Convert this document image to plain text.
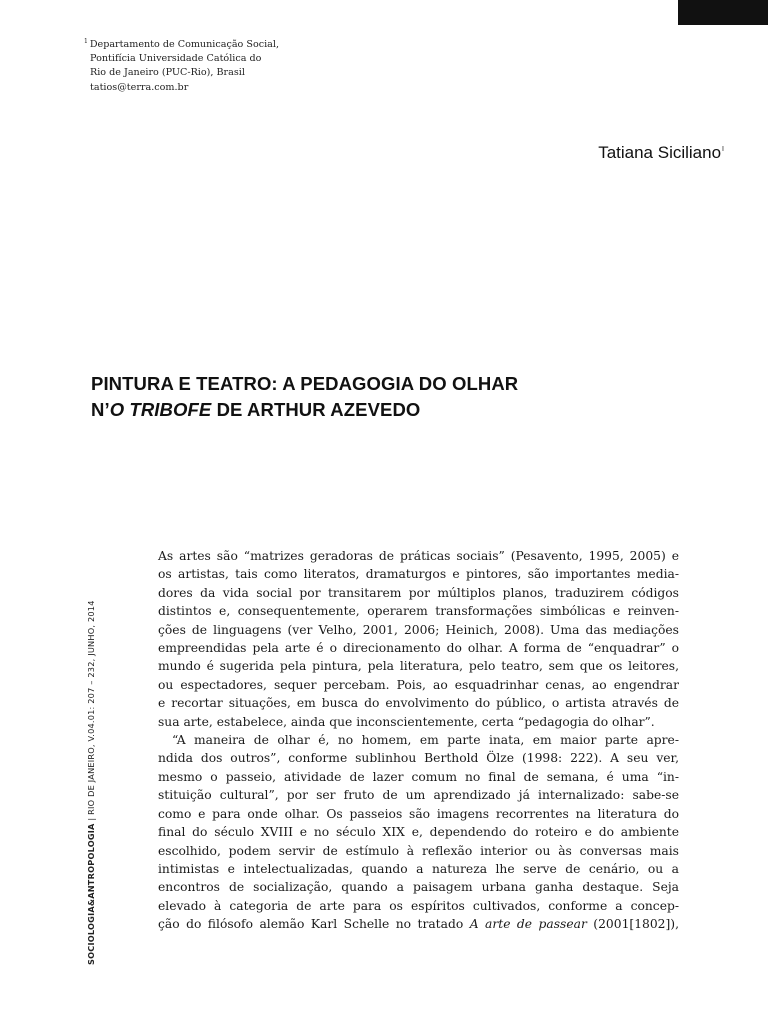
$^1$ Departamento de Comunicação Social,
Pontifícia Universidade Católica do
Rio de Janeiro (PUC-Rio), Brasil
tatios@terra.com.br
Tatiana Siciliano$^I$
PINTURA E TEATRO: A PEDAGOGIA DO OLHAR
N’O TRIBOFE DE ARTHUR AZEVEDO
SOCIOLOGIA&ANTROPOLOGIA | RIO DE JANEIRO, V.04.01: 207 – 232, JUNHO, 2014
As artes são “matrizes geradoras de práticas sociais” (Pesavento, 1995, 2005) e
os artistas, tais como literatos, dramaturgos e pintores, são importantes media-
dores da vida social por transitarem por múltiplos planos, traduzirem códigos
distintos e, consequentemente, operarem transformações simbólicas e reinven-
ções de linguagens (ver Velho, 2001, 2006; Heinich, 2008). Uma das mediações
empreendidas pela arte é o direcionamento do olhar. A forma de “enquadrar” o
mundo é sugerida pela pintura, pela literatura, pelo teatro, sem que os leitores,
ou espectadores, sequer percebam. Pois, ao esquadrinhar cenas, ao engendrar
e recortar situações, em busca do envolvimento do público, o artista através de
sua arte, estabelece, ainda que inconscientemente, certa “pedagogia do olhar”.
“A maneira de olhar é, no homem, em parte inata, em maior parte apre-
ndida dos outros”, conforme sublinhou Berthold Ölze (1998: 222). A seu ver,
mesmo o passeio, atividade de lazer comum no final de semana, é uma “in-
stituição cultural”, por ser fruto de um aprendizado já internalizado: sabe-se
como e para onde olhar. Os passeios são imagens recorrentes na literatura do
final do século XVIII e no século XIX e, dependendo do roteiro e do ambiente
escolhido, podem servir de estímulo à reflexão interior ou às conversas mais
intimistas e intelectualizadas, quando a natureza lhe serve de cenário, ou a
encontros de socialização, quando a paisagem urbana ganha destaque. Seja
elevado à categoria de arte para os espíritos cultivados, conforme a concep-
ção do filósofo alemão Karl Schelle no tratado A arte de passear (2001[1802]),
